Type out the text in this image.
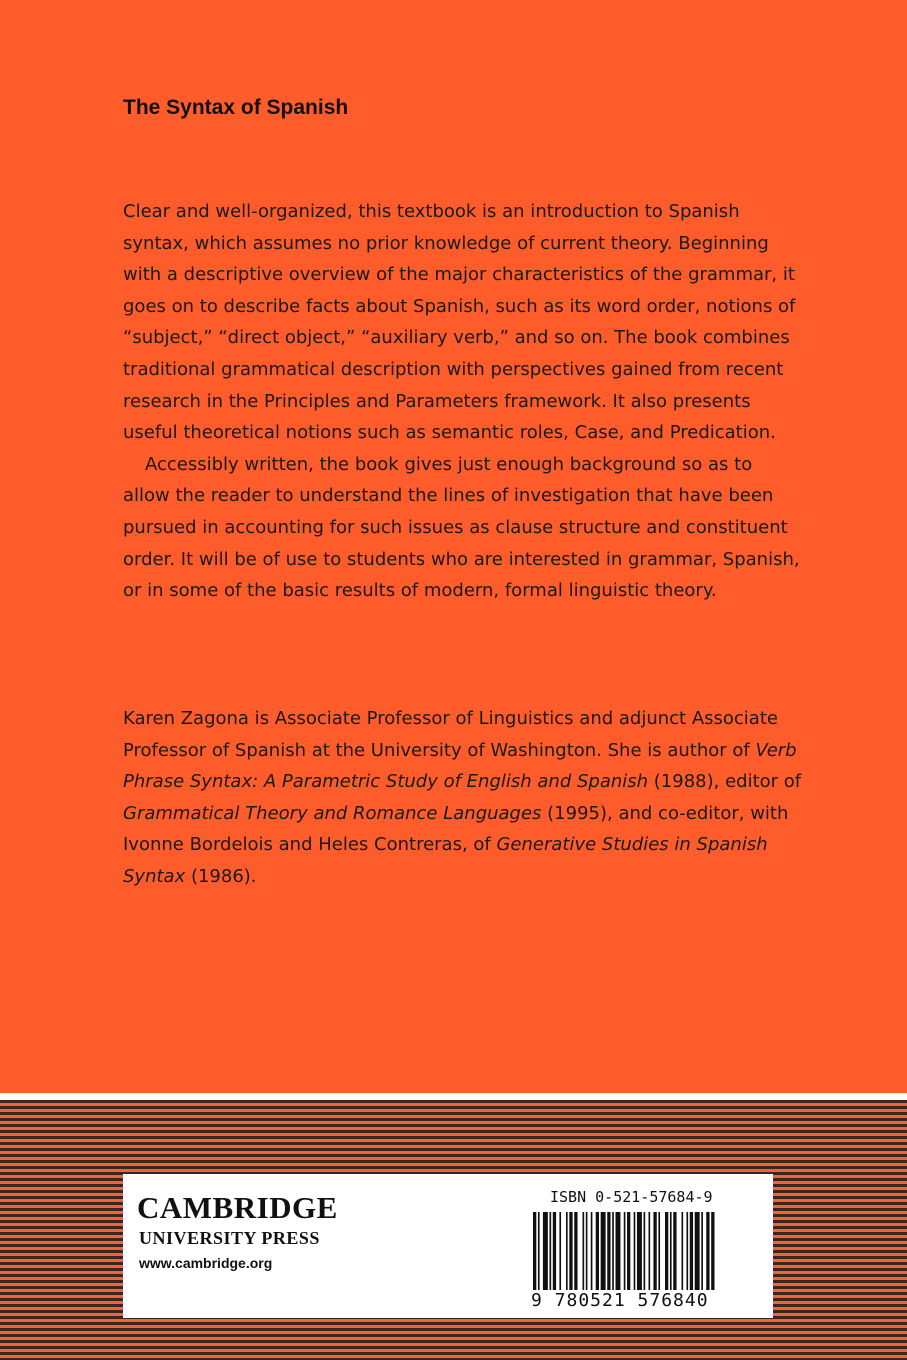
The Syntax of Spanish

Clear and well-organized, this textbook is an introduction to Spanish syntax, which assumes no prior knowledge of current theory. Beginning with a descriptive overview of the major characteristics of the grammar, it goes on to describe facts about Spanish, such as its word order, notions of “subject,” “direct object,” “auxiliary verb,” and so on. The book combines traditional grammatical description with perspectives gained from recent research in the Principles and Parameters framework. It also presents useful theoretical notions such as semantic roles, Case, and Predication.

Accessibly written, the book gives just enough background so as to allow the reader to understand the lines of investigation that have been pursued in accounting for such issues as clause structure and constituent order. It will be of use to students who are interested in grammar, Spanish, or in some of the basic results of modern, formal linguistic theory.

Karen Zagona is Associate Professor of Linguistics and adjunct Associate Professor of Spanish at the University of Washington. She is author of Verb Phrase Syntax: A Parametric Study of English and Spanish (1988), editor of Grammatical Theory and Romance Languages (1995), and co-editor, with Ivonne Bordelois and Heles Contreras, of Generative Studies in Spanish Syntax (1986).

CAMBRIDGE

UNIVERSITY PRESS

www.cambridge.org

ISBN 0-521-57684-9

9 780521 576840
